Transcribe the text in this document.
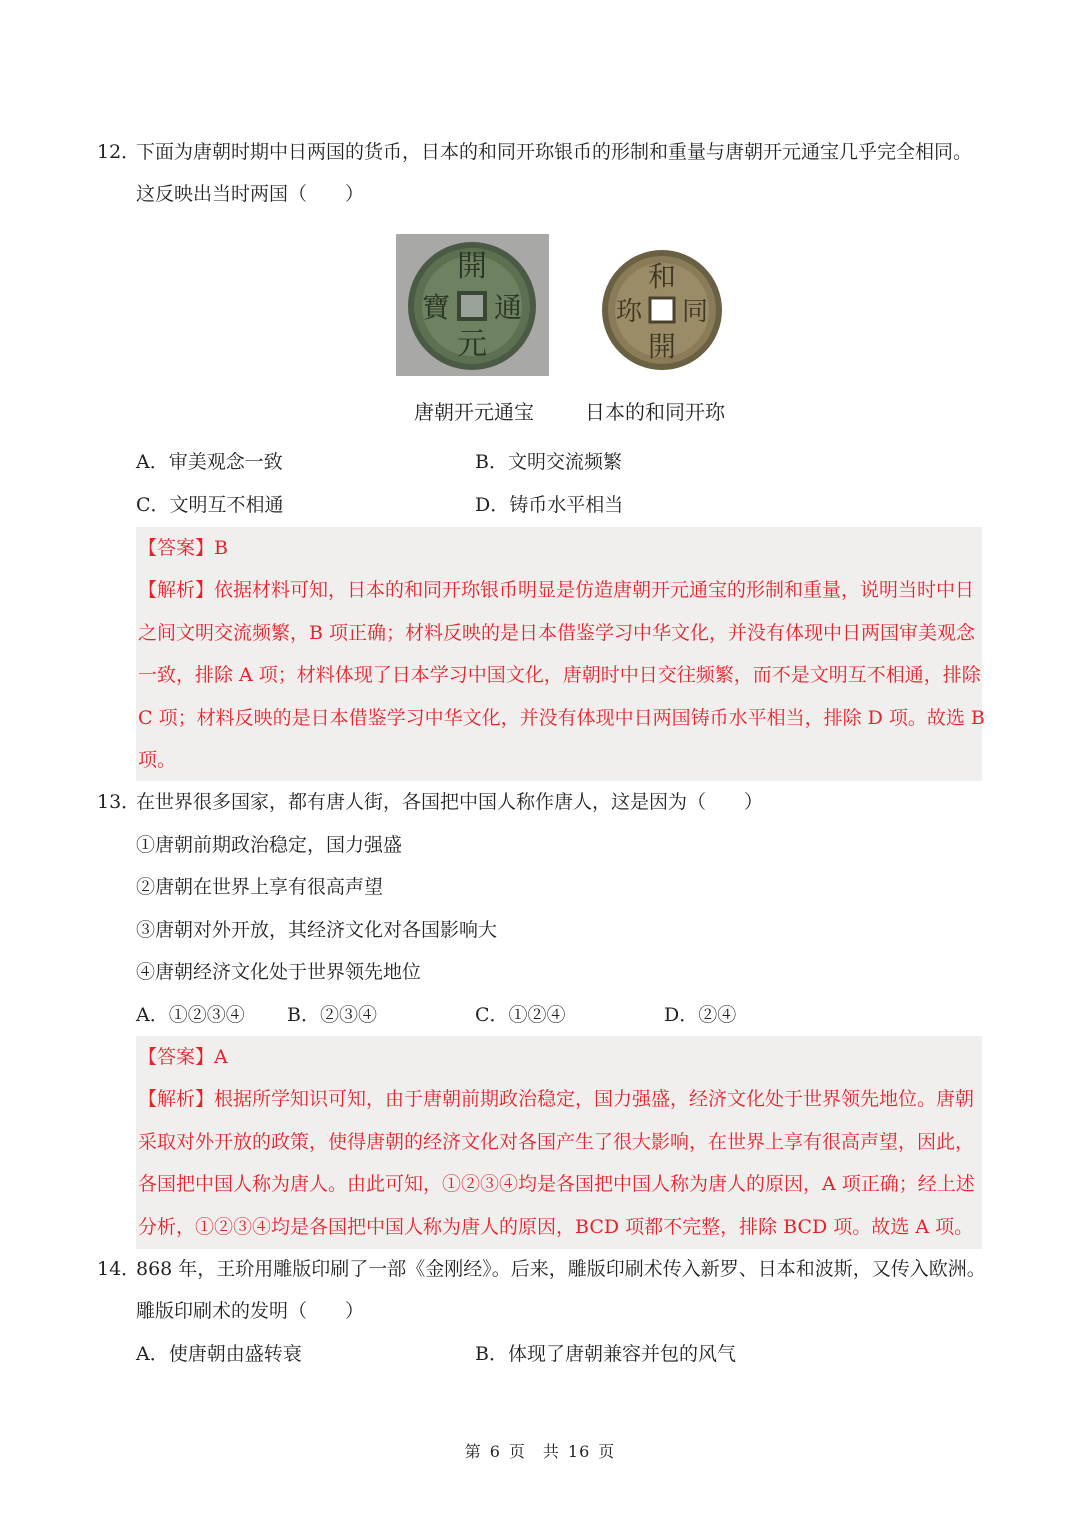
12．
下面为唐朝时期中日两国的货币，日本的和同开珎银币的形制和重量与唐朝开元通宝几乎完全相同。
这反映出当时两国（　　）
開
元
通
寶
和
開
同
珎
唐朝开元通宝	日本的和同开珎
A．审美观念一致	B．文明交流频繁
C．文明互不相通	D．铸币水平相当
【答案】B
【解析】依据材料可知，日本的和同开珎银币明显是仿造唐朝开元通宝的形制和重量，说明当时中日
之间文明交流频繁，B 项正确；材料反映的是日本借鉴学习中华文化，并没有体现中日两国审美观念
一致，排除 A 项；材料体现了日本学习中国文化，唐朝时中日交往频繁，而不是文明互不相通，排除
C 项；材料反映的是日本借鉴学习中华文化，并没有体现中日两国铸币水平相当，排除 D 项。故选 B
项。
13．
在世界很多国家，都有唐人街，各国把中国人称作唐人，这是因为（　　）
①唐朝前期政治稳定，国力强盛
②唐朝在世界上享有很高声望
③唐朝对外开放，其经济文化对各国影响大
④唐朝经济文化处于世界领先地位
A．①②③④ B．②③④	C．①②④	D．②④
【答案】A
【解析】根据所学知识可知，由于唐朝前期政治稳定，国力强盛，经济文化处于世界领先地位。唐朝
采取对外开放的政策，使得唐朝的经济文化对各国产生了很大影响，在世界上享有很高声望，因此，
各国把中国人称为唐人。由此可知，①②③④均是各国把中国人称为唐人的原因，A 项正确；经上述
分析，①②③④均是各国把中国人称为唐人的原因，BCD 项都不完整，排除 BCD 项。故选 A 项。
14．
868 年，王玠用雕版印刷了一部《金刚经》。后来，雕版印刷术传入新罗、日本和波斯，又传入欧洲。
雕版印刷术的发明（　　）
A．使唐朝由盛转衰	B．体现了唐朝兼容并包的风气
第 6 页　共 16 页
